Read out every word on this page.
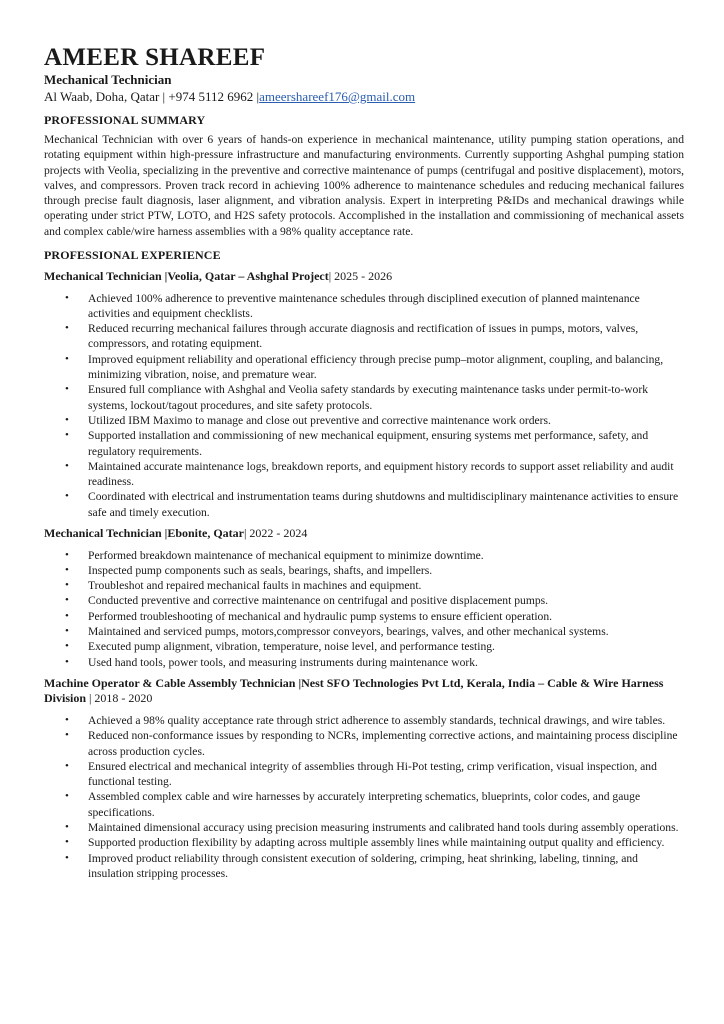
AMEER SHAREEF

Mechanical Technician

Al Waab, Doha, Qatar | +974 5112 6962 |ameershareef176@gmail.com

PROFESSIONAL SUMMARY

Mechanical Technician with over 6 years of hands-on experience in mechanical maintenance, utility pumping station operations, and rotating equipment within high-pressure infrastructure and manufacturing environments. Currently supporting Ashghal pumping station projects with Veolia, specializing in the preventive and corrective maintenance of pumps (centrifugal and positive displacement), motors, valves, and compressors. Proven track record in achieving 100% adherence to maintenance schedules and reducing mechanical failures through precise fault diagnosis, laser alignment, and vibration analysis. Expert in interpreting P&IDs and mechanical drawings while operating under strict PTW, LOTO, and H2S safety protocols. Accomplished in the installation and commissioning of mechanical assets and complex cable/wire harness assemblies with a 98% quality acceptance rate.

PROFESSIONAL EXPERIENCE
Mechanical Technician |Veolia, Qatar – Ashghal Project| 2025 - 2026
• Achieved 100% adherence to preventive maintenance schedules through disciplined execution of planned maintenance activities and equipment checklists.
• Reduced recurring mechanical failures through accurate diagnosis and rectification of issues in pumps, motors, valves, compressors, and rotating equipment.
• Improved equipment reliability and operational efficiency through precise pump–motor alignment, coupling, and balancing, minimizing vibration, noise, and premature wear.
• Ensured full compliance with Ashghal and Veolia safety standards by executing maintenance tasks under permit-to-work systems, lockout/tagout procedures, and site safety protocols.
• Utilized IBM Maximo to manage and close out preventive and corrective maintenance work orders.
• Supported installation and commissioning of new mechanical equipment, ensuring systems met performance, safety, and regulatory requirements.
• Maintained accurate maintenance logs, breakdown reports, and equipment history records to support asset reliability and audit readiness.
• Coordinated with electrical and instrumentation teams during shutdowns and multidisciplinary maintenance activities to ensure safe and timely execution.
Mechanical Technician |Ebonite, Qatar| 2022 - 2024
• Performed breakdown maintenance of mechanical equipment to minimize downtime.
• Inspected pump components such as seals, bearings, shafts, and impellers.
• Troubleshot and repaired mechanical faults in machines and equipment.
• Conducted preventive and corrective maintenance on centrifugal and positive displacement pumps.
• Performed troubleshooting of mechanical and hydraulic pump systems to ensure efficient operation.
• Maintained and serviced pumps, motors,compressor conveyors, bearings, valves, and other mechanical systems.
• Executed pump alignment, vibration, temperature, noise level, and performance testing.
• Used hand tools, power tools, and measuring instruments during maintenance work.
Machine Operator & Cable Assembly Technician |Nest SFO Technologies Pvt Ltd, Kerala, India – Cable & Wire Harness Division | 2018 - 2020
• Achieved a 98% quality acceptance rate through strict adherence to assembly standards, technical drawings, and wire tables.
• Reduced non-conformance issues by responding to NCRs, implementing corrective actions, and maintaining process discipline across production cycles.
• Ensured electrical and mechanical integrity of assemblies through Hi-Pot testing, crimp verification, visual inspection, and functional testing.
• Assembled complex cable and wire harnesses by accurately interpreting schematics, blueprints, color codes, and gauge specifications.
• Maintained dimensional accuracy using precision measuring instruments and calibrated hand tools during assembly operations.
• Supported production flexibility by adapting across multiple assembly lines while maintaining output quality and efficiency.
• Improved product reliability through consistent execution of soldering, crimping, heat shrinking, labeling, tinning, and insulation stripping processes.
